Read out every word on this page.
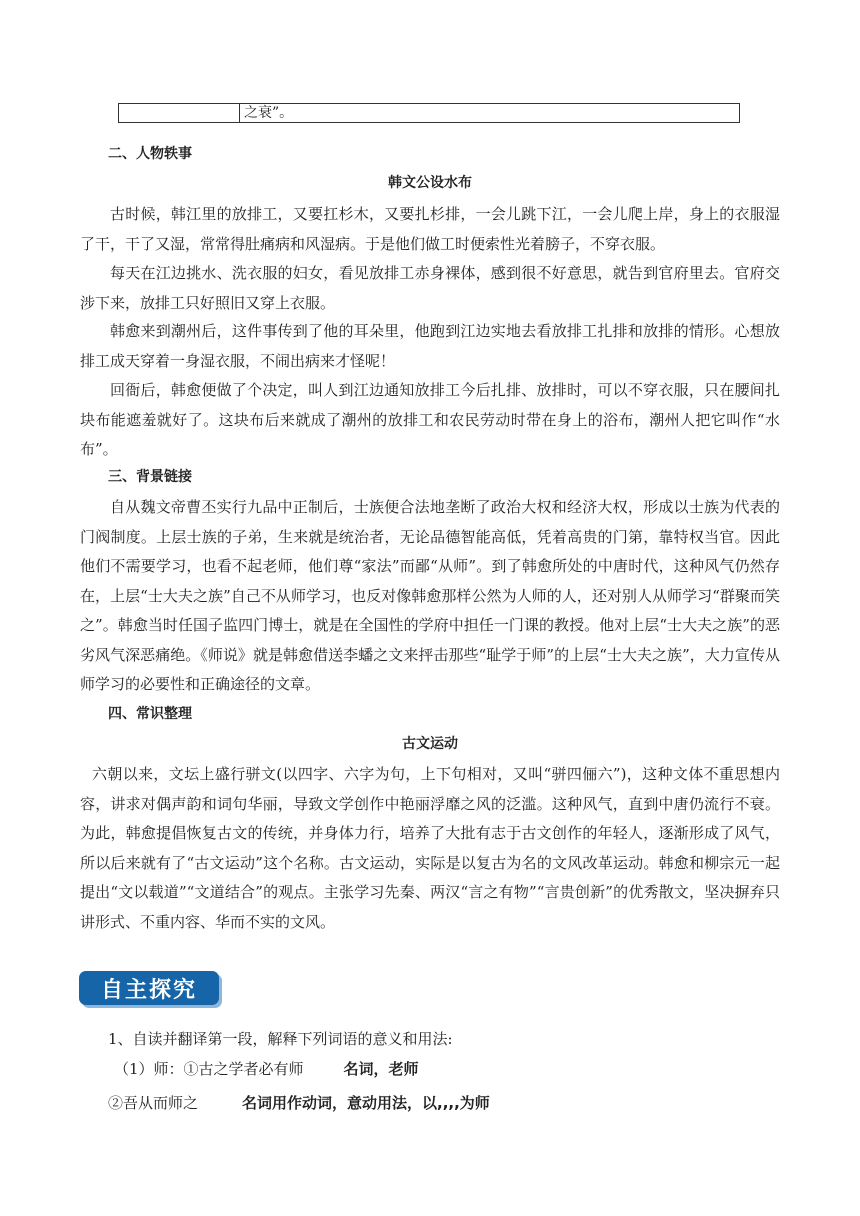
之衰”。
二、人物轶事
韩文公设水布

古时候，韩江里的放排工，又要扛杉木，又要扎杉排，一会儿跳下江，一会儿爬上岸，身上的衣服湿了干，干了又湿，常常得肚痛病和风湿病。于是他们做工时便索性光着膀子，不穿衣服。

每天在江边挑水、洗衣服的妇女，看见放排工赤身裸体，感到很不好意思，就告到官府里去。官府交涉下来，放排工只好照旧又穿上衣服。

韩愈来到潮州后，这件事传到了他的耳朵里，他跑到江边实地去看放排工扎排和放排的情形。心想放排工成天穿着一身湿衣服，不闹出病来才怪呢！

回衙后，韩愈便做了个决定，叫人到江边通知放排工今后扎排、放排时，可以不穿衣服，只在腰间扎块布能遮羞就好了。这块布后来就成了潮州的放排工和农民劳动时带在身上的浴布，潮州人把它叫作“水布”。

三、背景链接

自从魏文帝曹丕实行九品中正制后，士族便合法地垄断了政治大权和经济大权，形成以士族为代表的门阀制度。上层士族的子弟，生来就是统治者，无论品德智能高低，凭着高贵的门第，靠特权当官。因此他们不需要学习，也看不起老师，他们尊“家法”而鄙“从师”。到了韩愈所处的中唐时代，这种风气仍然存在，上层“士大夫之族”自己不从师学习，也反对像韩愈那样公然为人师的人，还对别人从师学习“群聚而笑之”。韩愈当时任国子监四门博士，就是在全国性的学府中担任一门课的教授。他对上层“士大夫之族”的恶劣风气深恶痛绝。《师说》就是韩愈借送李蟠之文来抨击那些“耻学于师”的上层“士大夫之族”，大力宣传从师学习的必要性和正确途径的文章。

四、常识整理
古文运动

六朝以来，文坛上盛行骈文(以四字、六字为句，上下句相对，又叫“骈四俪六”)，这种文体不重思想内容，讲求对偶声韵和词句华丽，导致文学创作中艳丽浮靡之风的泛滥。这种风气，直到中唐仍流行不衰。为此，韩愈提倡恢复古文的传统，并身体力行，培养了大批有志于古文创作的年轻人，逐渐形成了风气，所以后来就有了“古文运动”这个名称。古文运动，实际是以复古为名的文风改革运动。韩愈和柳宗元一起提出“文以载道”“文道结合”的观点。主张学习先秦、两汉“言之有物”“言贵创新”的优秀散文，坚决摒弃只讲形式、不重内容、华而不实的文风。

自主探究
1、自读并翻译第一段，解释下列词语的意义和用法:
（1）师：①古之学者必有师	名词，老师
②吾从而师之	名词用作动词，意动用法，以,,,,为师
